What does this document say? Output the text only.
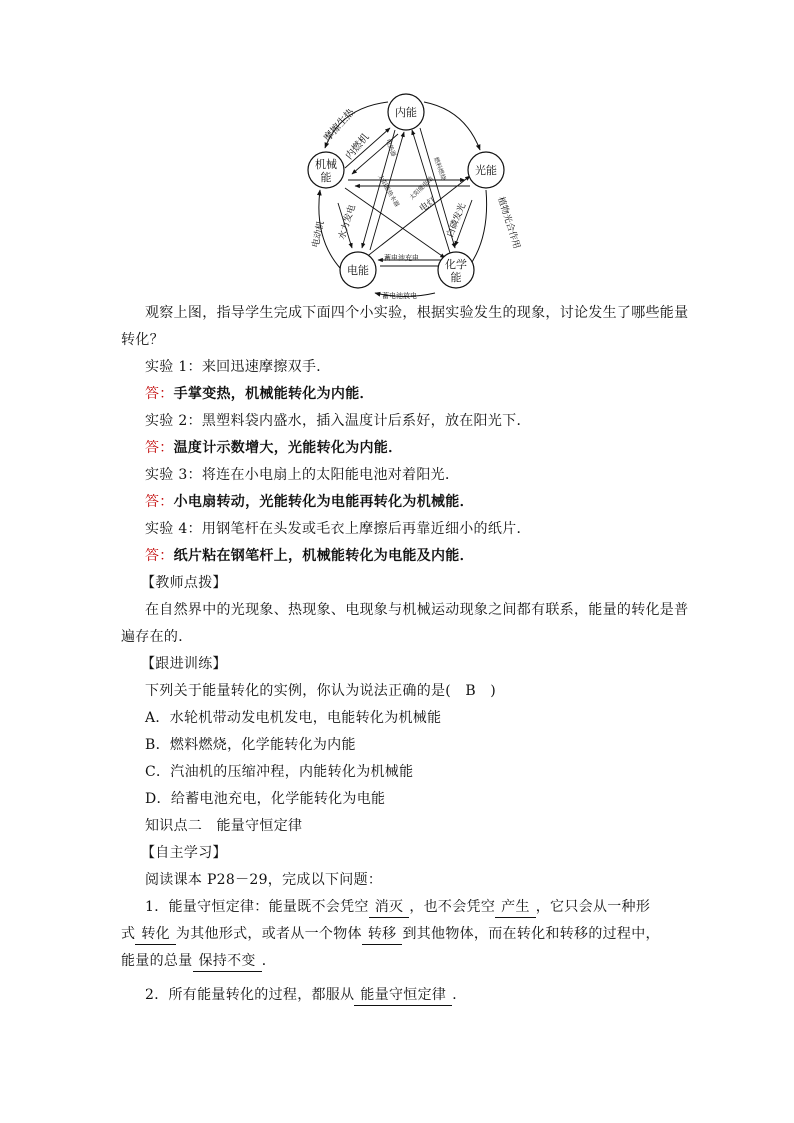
内能
光能
化学
能
电能
机械
能
摩擦生热
内燃机
植物光合作用
白磷发光
蓄电池放电
蓄电池充电
电动机 水力发电	电灯
电热器
太阳能电池
太阳能热水器
燃料燃烧
观察上图，指导学生完成下面四个小实验，根据实验发生的现象，讨论发生了哪些能量
转化？
实验 1：来回迅速摩擦双手．
答：手掌变热，机械能转化为内能．
实验 2：黑塑料袋内盛水，插入温度计后系好，放在阳光下．
答：温度计示数增大，光能转化为内能．
实验 3：将连在小电扇上的太阳能电池对着阳光．
答：小电扇转动，光能转化为电能再转化为机械能．
实验 4：用钢笔杆在头发或毛衣上摩擦后再靠近细小的纸片．
答：纸片粘在钢笔杆上，机械能转化为电能及内能．
【教师点拨】
在自然界中的光现象、热现象、电现象与机械运动现象之间都有联系，能量的转化是普
遍存在的．
【跟进训练】
下列关于能量转化的实例，你认为说法正确的是(　B　)
A．水轮机带动发电机发电，电能转化为机械能
B．燃料燃烧，化学能转化为内能
C．汽油机的压缩冲程，内能转化为机械能
D．给蓄电池充电，化学能转化为电能
知识点二　能量守恒定律
【自主学习】
阅读课本 P28－29，完成以下问题：
1．能量守恒定律：能量既不会凭空 消灭 ，也不会凭空 产生 ，它只会从一种形
式 转化 为其他形式，或者从一个物体 转移 到其他物体，而在转化和转移的过程中，
能量的总量 保持不变 ．
2．所有能量转化的过程，都服从 能量守恒定律 ．
